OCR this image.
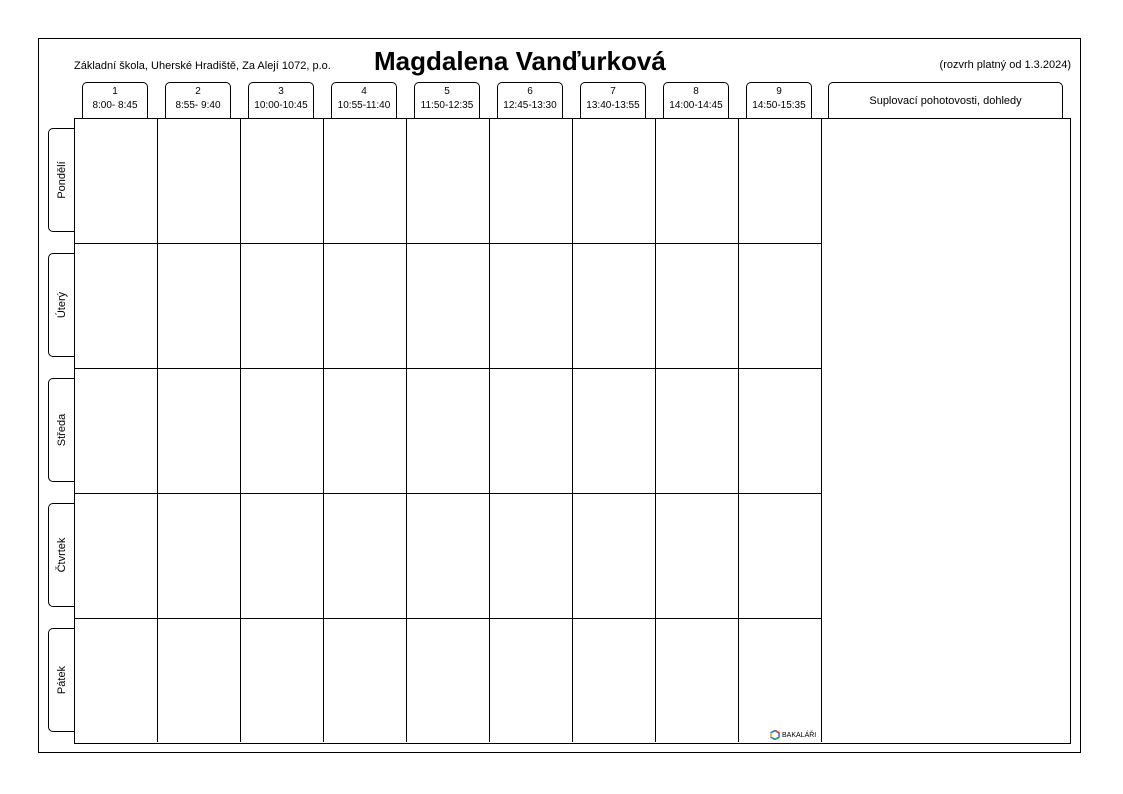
Základní škola, Uherské Hradiště, Za Alejí 1072, p.o. Magdalena Vanďurková	(rozvrh platný od 1.3.2024)
1
8:00- 8:45
2
8:55- 9:40
3
10:00-10:45
4
10:55-11:40
5
11:50-12:35
6
12:45-13:30
7
13:40-13:55
8
14:00-14:45
9
14:50-15:35	Suplovací pohotovosti, dohledy
Pondělí
Úterý
Středa
Čtvrtek
Pátek
BAKALÁŘI
